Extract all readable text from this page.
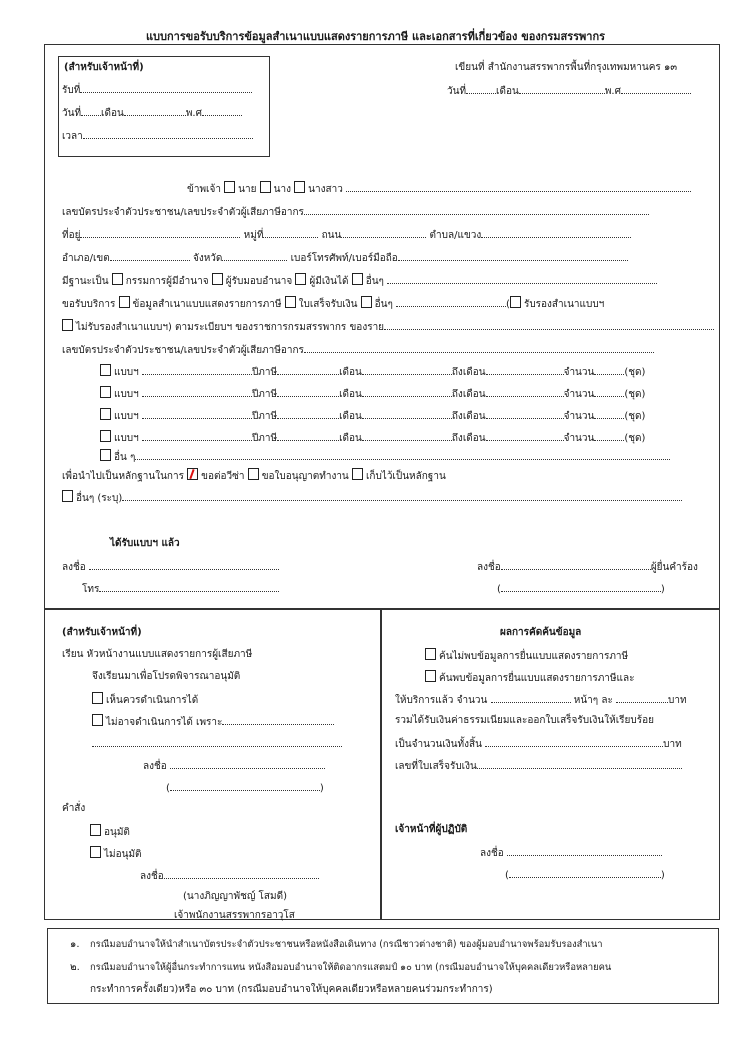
แบบการขอรับบริการข้อมูลสำเนาแบบแสดงรายการภาษี และเอกสารที่เกี่ยวข้อง ของกรมสรรพากร
(สำหรับเจ้าหน้าที่)
รับที่
วันที่ เดือน	พ.ศ
เวลา
เขียนที่ สำนักงานสรรพากรพื้นที่กรุงเทพมหานคร ๑๓
วันที่	เดือน	พ.ศ
ข้าพเจ้า นาย นาง นางสาว
เลขบัตรประจำตัวประชาชน/เลขประจำตัวผู้เสียภาษีอากร
ที่อยู่	หมู่ที่	ถนน	ตำบล/แขวง
อำเภอ/เขต	จังหวัด	เบอร์โทรศัพท์/เบอร์มือถือ
มีฐานะเป็น กรรมการผู้มีอำนาจ ผู้รับมอบอำนาจ ผู้มีเงินได้ อื่นๆ
ขอรับบริการ ข้อมูลสำเนาแบบแสดงรายการภาษี ใบเสร็จรับเงิน อื่นๆ	( รับรองสำเนาแบบฯ
ไม่รับรองสำเนาแบบฯ) ตามระเบียบฯ ของราชการกรมสรรพากร ของราย
เลขบัตรประจำตัวประชาชน/เลขประจำตัวผู้เสียภาษีอากร
แบบฯ	ปีภาษี	เดือน	ถึงเดือน	จำนวน	(ชุด)
แบบฯ	ปีภาษี	เดือน	ถึงเดือน	จำนวน	(ชุด)
แบบฯ	ปีภาษี	เดือน	ถึงเดือน	จำนวน	(ชุด)
แบบฯ	ปีภาษี	เดือน	ถึงเดือน	จำนวน	(ชุด)
อื่น ๆ
เพื่อนำไปเป็นหลักฐานในการ ขอต่อวีซ่า ขอใบอนุญาตทำงาน เก็บไว้เป็นหลักฐาน
อื่นๆ (ระบุ)
ได้รับแบบฯ แล้ว
ลงชื่อ
โทร
ลงชื่อ	ผู้ยื่นคำร้อง
(	)
(สำหรับเจ้าหน้าที่)
เรียน หัวหน้างานแบบแสดงรายการผู้เสียภาษี
จึงเรียนมาเพื่อโปรดพิจารณาอนุมัติ
เห็นควรดำเนินการได้
ไม่อาจดำเนินการได้ เพราะ
ลงชื่อ
(	)
คำสั่ง
อนุมัติ
ไม่อนุมัติ
ลงชื่อ
(นางภิญญาพัชญ์ โสมดี)
เจ้าพนักงานสรรพากรอาวุโส
ผลการคัดค้นข้อมูล
ค้นไม่พบข้อมูลการยื่นแบบแสดงรายการภาษี
ค้นพบข้อมูลการยื่นแบบแสดงรายการภาษีและ
ให้บริการแล้ว จำนวน	หน้าๆ ละ	บาท
รวมได้รับเงินค่าธรรมเนียมและออกใบเสร็จรับเงินให้เรียบร้อย
เป็นจำนวนเงินทั้งสิ้น	บาท
เลขที่ใบเสร็จรับเงิน
เจ้าหน้าที่ผู้ปฏิบัติ
ลงชื่อ
(	)
๑. กรณีมอบอำนาจให้นำสำเนาบัตรประจำตัวประชาชนหรือหนังสือเดินทาง (กรณีชาวต่างชาติ) ของผู้มอบอำนาจพร้อมรับรองสำเนา
๒. กรณีมอบอำนาจให้ผู้อื่นกระทำการแทน หนังสือมอบอำนาจให้ติดอากรแสตมป์ ๑๐ บาท (กรณีมอบอำนาจให้บุคคลเดียวหรือหลายคน
กระทำการครั้งเดียว)หรือ ๓๐ บาท (กรณีมอบอำนาจให้บุคคลเดียวหรือหลายคนร่วมกระทำการ)
